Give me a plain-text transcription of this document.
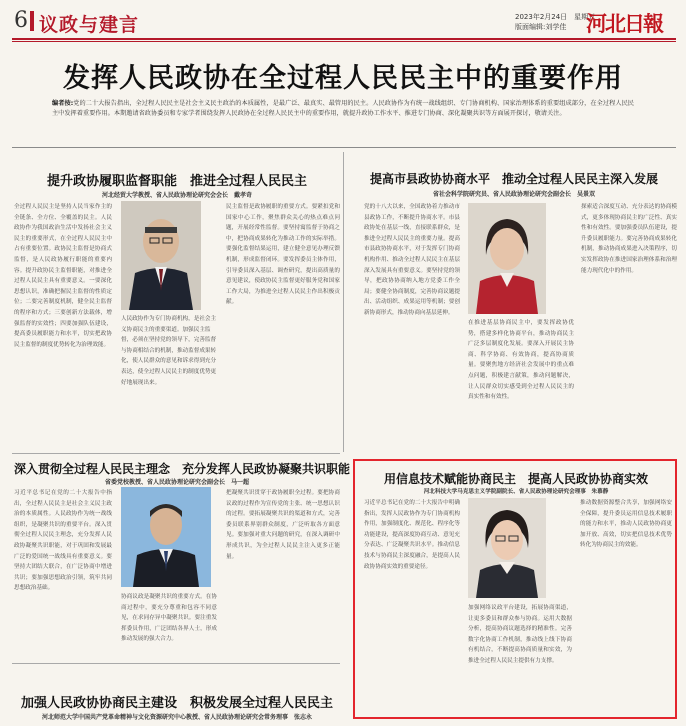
6 议政与建言	2023年2月24日　星期五
版面编辑:刘学佳 河北日報
发挥人民政协在全过程人民民主中的重要作用
编者按:党的二十大报告指出，全过程人民民主是社会主义民主政治的本质属性，是最广泛、最真实、最管用的民主。人民政协作为有统一战线组织、专门协商机构、国家治理体系的重要组成部分，在全过程人民民主中发挥着重要作用。本期邀请省政协委员和专家学者围绕发挥人民政协在全过程人民民主中的重要作用，就提升政协工作水平、推进专门协商、深化凝聚共识等方面展开探讨，敬请关注。
提升政协履职监督职能　推进全过程人民民主
河北经贸大学教授、省人民政协理论研究会会长　戴孝奇
全过程人民民主是坚持人民当家作主的全链条、全方位、全覆盖的民主。人民政协作为我国政治生活中发扬社会主义民主的重要形式，在全过程人民民主中占有重要位置。政协民主监督是协商式监督，是人民政协履行职能的重要内容。提升政协民主监督职能，对推进全过程人民民主具有重要意义。一要深化思想认识，准确把握民主监督的性质定位；二要完善制度机制，健全民主监督的程序和方式；三要创新方法载体，增强监督的实效性；四要加强队伍建设，提高委员履职能力和水平，切实把政协民主监督的制度优势转化为治理效能。
人民政协作为专门协商机构，是社会主义协商民主的重要渠道。加强民主监督，必须在坚持党的领导下，完善监督与协商相结合的机制，推动监督成果转化，使人民群众的意见和诉求得到充分表达，使全过程人民民主的制度优势更好地展现出来。
民主监督是政协履职的重要方式。要紧扣党和国家中心工作，聚焦群众关心的热点难点问题，开展经常性监督。要坚持寓监督于协商之中，把协商成果转化为推动工作的实际举措。要强化监督结果运用，建立健全意见办理反馈机制，形成监督闭环。要发挥委员主体作用，引导委员深入基层、调查研究，提出高质量的意见建议，使政协民主监督更好服务党和国家工作大局，为推进全过程人民民主作出积极贡献。
提高市县政协协商水平　推动全过程人民民主深入发展
省社会科学院研究员、省人民政协理论研究会副会长　吴景双
党的十八大以来，全国政协着力推动市县政协工作，不断提升协商水平。市县政协处在基层一线，直接联系群众，是推进全过程人民民主的重要力量。提高市县政协协商水平，对于发挥专门协商机构作用、推动全过程人民民主在基层深入发展具有重要意义。要坚持党的领导，把政协协商纳入地方党委工作全局；要健全协商制度，完善协商议题提出、活动组织、成果运用等机制；要创新协商形式，推动协商向基层延伸。
在推进基层协商民主中，要发挥政协优势，搭建多样化协商平台，推动协商民主广泛多层制度化发展。要深入开展民主协商、科学协商、有效协商，提高协商质量。要聚焦地方经济社会发展中的重点难点问题，积极建言献策，推动问题解决，让人民群众切实感受到全过程人民民主的真实性和有效性。
探索适合深度互动、充分表达的协商模式，更多体现协商民主的广泛性、真实性和有效性。要加强委员队伍建设，提升委员履职能力。要完善协商成果转化机制，推动协商成果进入决策程序，切实发挥政协在推进国家治理体系和治理能力现代化中的作用。
深入贯彻全过程人民民主理念　充分发挥人民政协凝聚共识职能
省委党校教授、省人民政协理论研究会副会长　马一超
习近平总书记在党的二十大报告中指出，全过程人民民主是社会主义民主政治的本质属性。人民政协作为统一战线组织，是凝聚共识的重要平台。深入贯彻全过程人民民主理念，充分发挥人民政协凝聚共识职能，对于巩固和发展最广泛的爱国统一战线具有重要意义。要坚持大团结大联合，在广泛协商中增进共识；要加强思想政治引领，筑牢共同思想政治基础。
协商议政是凝聚共识的重要方式。在协商过程中，要充分尊重和包容不同意见，在求同存异中凝聚共识。要注重发挥委员作用，广泛团结各界人士，形成推动发展的强大合力。
把凝聚共识贯穿于政协履职全过程。要把协商议政的过程作为宣传党的主张、统一思想认识的过程。要拓展凝聚共识的渠道和方式，完善委员联系界别群众制度，广泛听取各方面意见。要加强对重大问题的研究，在深入调研中形成共识，为全过程人民民主注入更多正能量。
加强人民政协协商民主建设　积极发展全过程人民民主
河北师范大学中国共产党革命精神与文化资源研究中心教授、省人民政协理论研究会常务理事　张志永
用信息技术赋能协商民主　提高人民政协协商实效
河北科技大学马克思主义学院副院长、省人民政协理论研究会理事　朱慕静
习近平总书记在党的二十大报告中明确指出，发挥人民政协作为专门协商机构作用，加强制度化、规范化、程序化等功能建设，提高深度协商互动、意见充分表达、广泛凝聚共识水平。推动信息技术与协商民主深度融合，是提高人民政协协商实效的重要途径。
加强网络议政平台建设，拓展协商渠道，让更多委员和群众参与协商。运用大数据分析，提高协商议题选择的精准性。完善数字化协商工作机制，推动线上线下协商有机结合，不断提高协商质量和实效，为推进全过程人民民主提供有力支撑。
推动数据资源整合共享，加强网络安全保障，提升委员运用信息技术履职的能力和水平，推动人民政协协商更加开放、高效，切实把信息技术优势转化为协商民主的效能。
